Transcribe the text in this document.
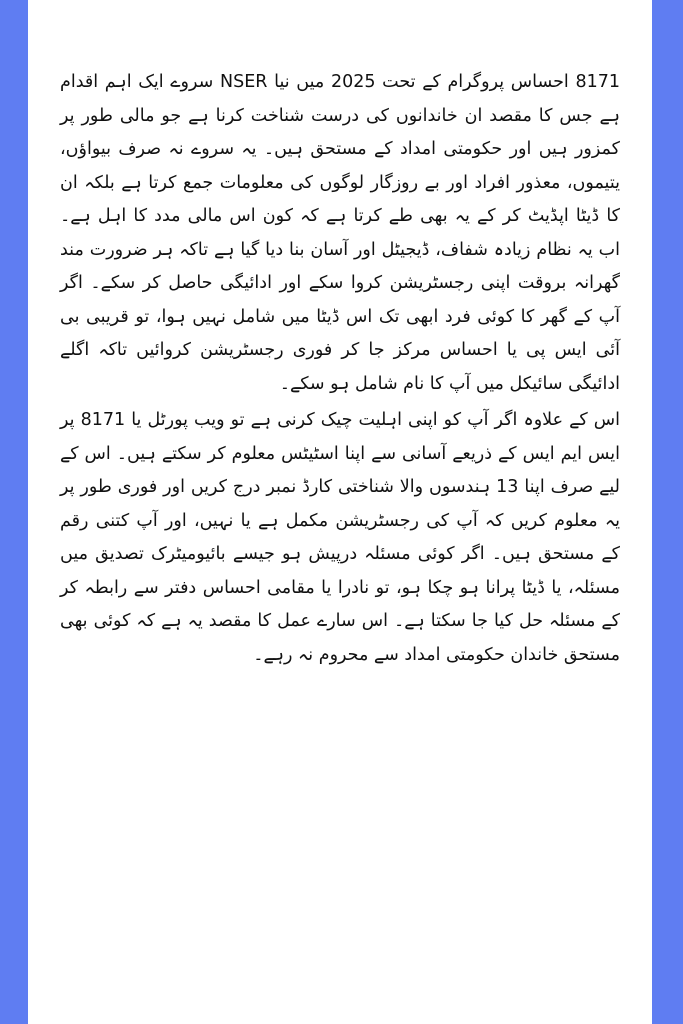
8171 احساس پروگرام کے تحت 2025 میں نیا NSER سروے ایک اہم اقدام ہے جس کا مقصد ان خاندانوں کی درست شناخت کرنا ہے جو مالی طور پر کمزور ہیں اور حکومتی امداد کے مستحق ہیں۔ یہ سروے نہ صرف بیواؤں، یتیموں، معذور افراد اور بے روزگار لوگوں کی معلومات جمع کرتا ہے بلکہ ان کا ڈیٹا اپڈیٹ کر کے یہ بھی طے کرتا ہے کہ کون اس مالی مدد کا اہل ہے۔ اب یہ نظام زیادہ شفاف، ڈیجیٹل اور آسان بنا دیا گیا ہے تاکہ ہر ضرورت مند گھرانہ بروقت اپنی رجسٹریشن کروا سکے اور ادائیگی حاصل کر سکے۔ اگر آپ کے گھر کا کوئی فرد ابھی تک اس ڈیٹا میں شامل نہیں ہوا، تو قریبی بی آئی ایس پی یا احساس مرکز جا کر فوری رجسٹریشن کروائیں تاکہ اگلے ادائیگی سائیکل میں آپ کا نام شامل ہو سکے۔

اس کے علاوہ اگر آپ کو اپنی اہلیت چیک کرنی ہے تو ویب پورٹل یا 8171 پر ایس ایم ایس کے ذریعے آسانی سے اپنا اسٹیٹس معلوم کر سکتے ہیں۔ اس کے لیے صرف اپنا 13 ہندسوں والا شناختی کارڈ نمبر درج کریں اور فوری طور پر یہ معلوم کریں کہ آپ کی رجسٹریشن مکمل ہے یا نہیں، اور آپ کتنی رقم کے مستحق ہیں۔ اگر کوئی مسئلہ درپیش ہو جیسے بائیومیٹرک تصدیق میں مسئلہ، یا ڈیٹا پرانا ہو چکا ہو، تو نادرا یا مقامی احساس دفتر سے رابطہ کر کے مسئلہ حل کیا جا سکتا ہے۔ اس سارے عمل کا مقصد یہ ہے کہ کوئی بھی مستحق خاندان حکومتی امداد سے محروم نہ رہے۔
